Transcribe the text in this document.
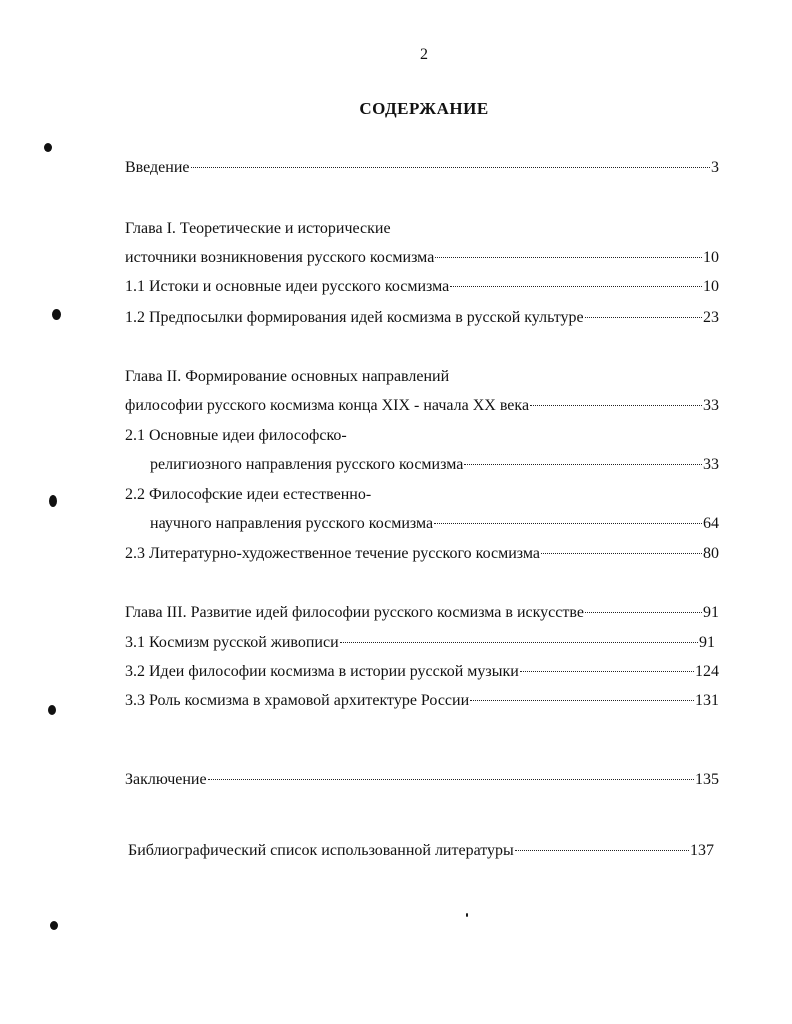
2
СОДЕРЖАНИЕ
Введение	3
Глава I. Теоретические и исторические
источники возникновения русского космизма	10
1.1 Истоки и основные идеи русского космизма	10
1.2 Предпосылки формирования идей космизма в русской культуре	23
Глава II. Формирование основных направлений
философии русского космизма конца XIX - начала XX века	33
2.1 Основные идеи философско-
религиозного направления русского космизма	33
2.2 Философские идеи естественно-
научного направления русского космизма	64
2.3 Литературно-художественное течение русского космизма	80
Глава III. Развитие идей философии русского космизма в искусстве	91
3.1 Космизм русской живописи	91
3.2 Идеи философии космизма в истории русской музыки	124
3.3 Роль космизма в храмовой архитектуре России	131
Заключение	135
Библиографический список использованной литературы	137
